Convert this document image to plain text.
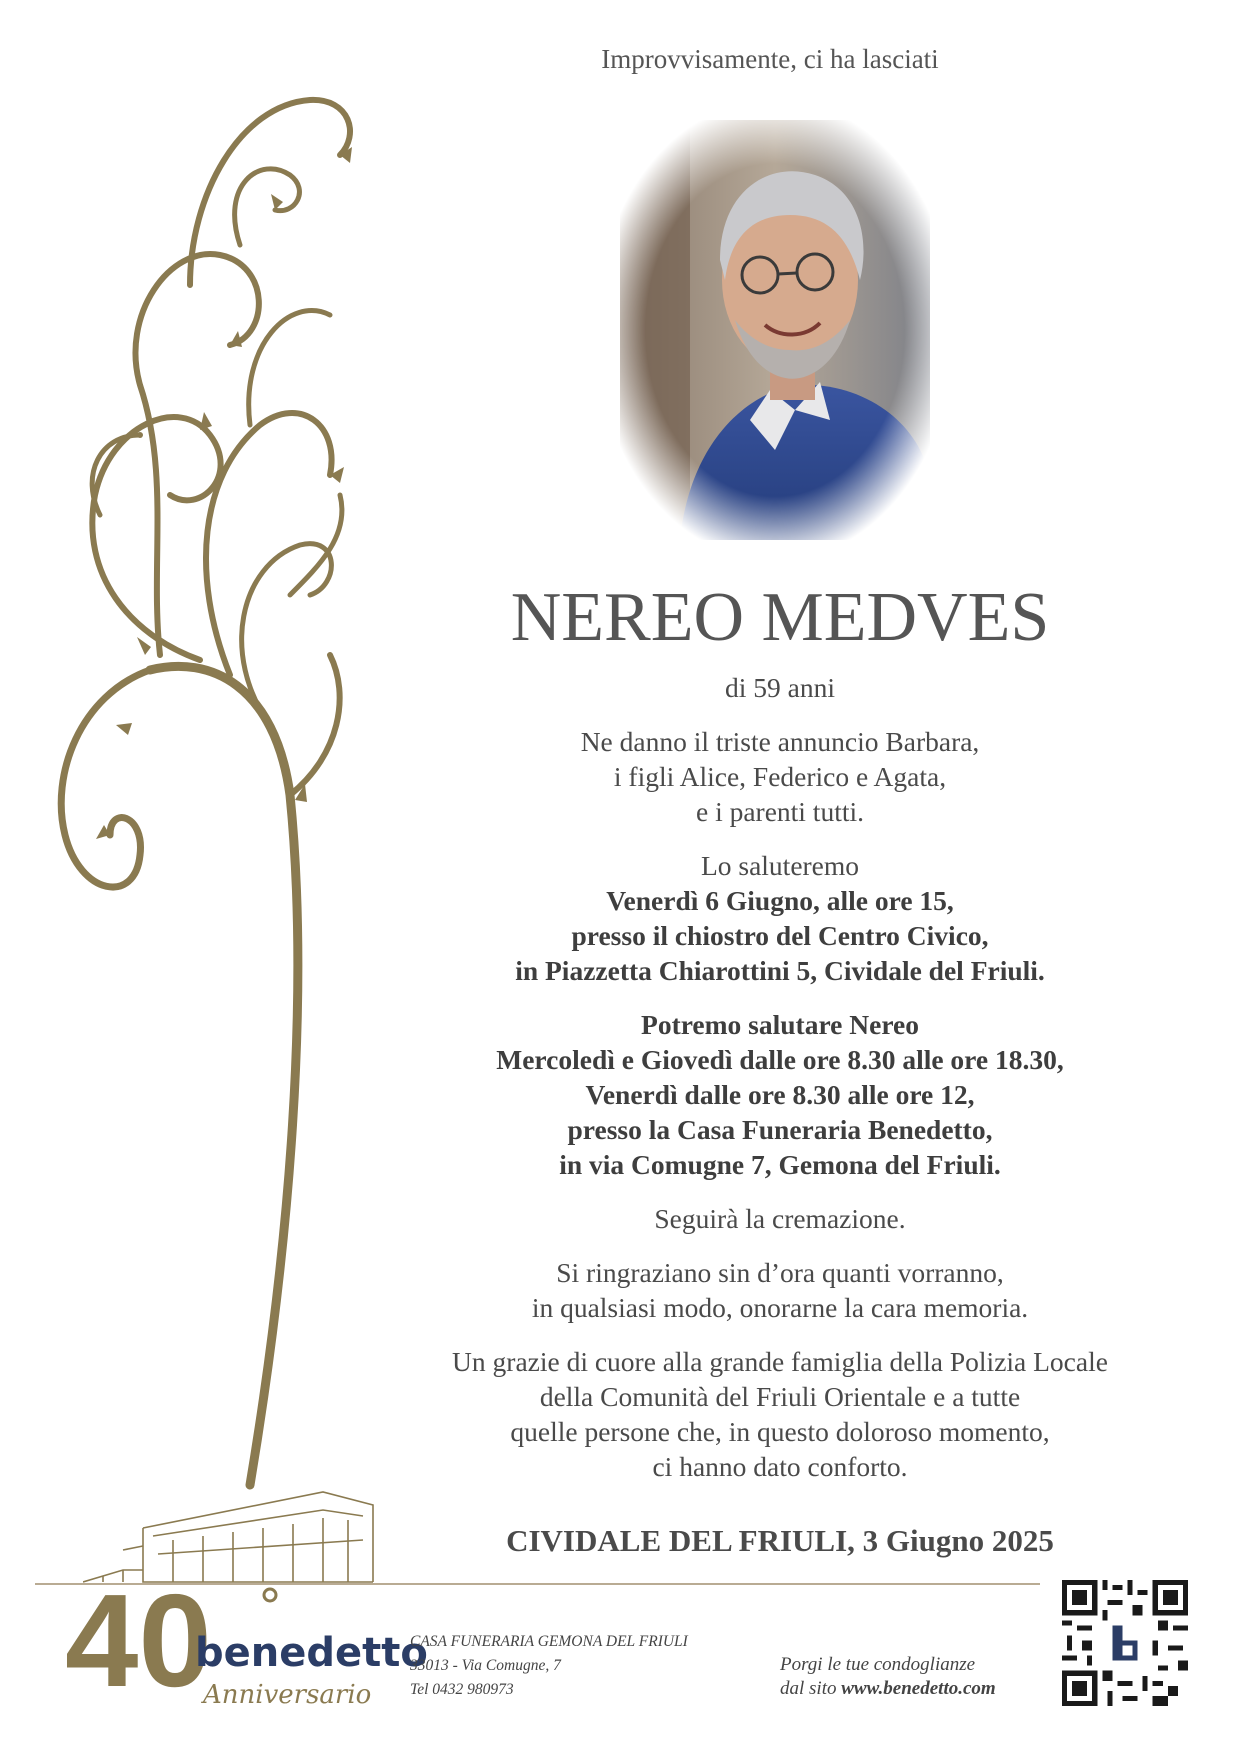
Improvvisamente, ci ha lasciati
NEREO MEDVES
di 59 anni
Ne danno il triste annuncio Barbara,
i figli Alice, Federico e Agata,
e i parenti tutti.
Lo saluteremo
Venerdì 6 Giugno, alle ore 15,
presso il chiostro del Centro Civico,
in Piazzetta Chiarottini 5, Cividale del Friuli.
Potremo salutare Nereo
Mercoledì e Giovedì dalle ore 8.30 alle ore 18.30,
Venerdì dalle ore 8.30 alle ore 12,
presso la Casa Funeraria Benedetto,
in via Comugne 7, Gemona del Friuli.
Seguirà la cremazione.
Si ringraziano sin d’ora quanti vorranno,
in qualsiasi modo, onorarne la cara memoria.
Un grazie di cuore alla grande famiglia della Polizia Locale
della Comunità del Friuli Orientale e a tutte
quelle persone che, in questo doloroso momento,
ci hanno dato conforto.
CIVIDALE DEL FRIULI, 3 Giugno 2025
40
benedetto
Anniversario
CASA FUNERARIA GEMONA DEL FRIULI
33013 - Via Comugne, 7
Tel 0432 980973
Porgi le tue condoglianze
dal sito www.benedetto.com
